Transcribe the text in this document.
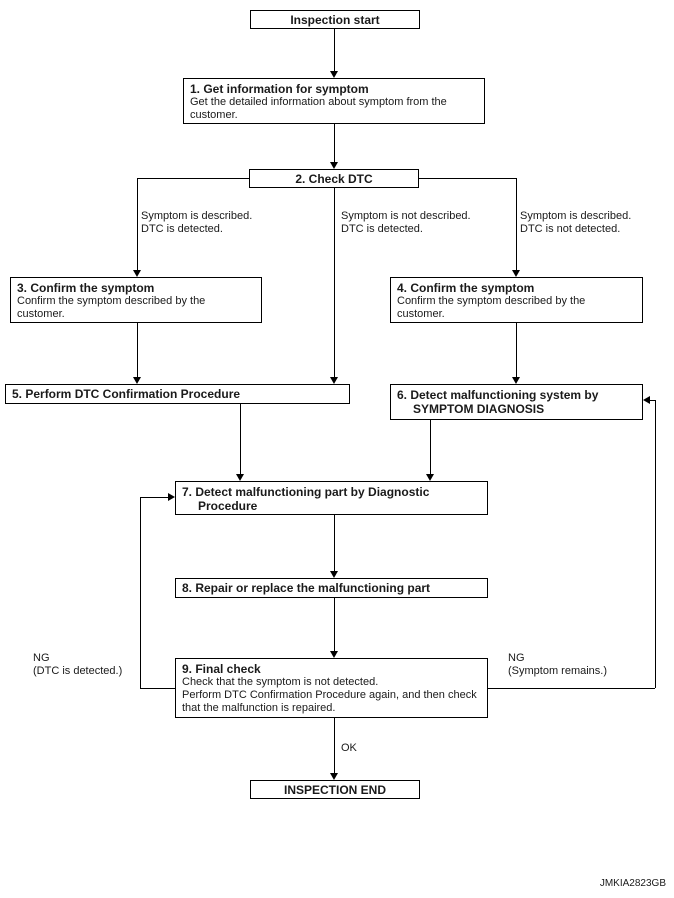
Inspection start
1. Get information for symptom
Get the detailed information about symptom from the customer.
2. Check DTC
Symptom is described.
DTC is detected.
Symptom is not described.
DTC is detected.
Symptom is described.
DTC is not detected.
3. Confirm the symptom
Confirm the symptom described by the customer.
4. Confirm the symptom
Confirm the symptom described by the customer.
5. Perform DTC Confirmation Procedure	6. Detect malfunctioning system by SYMPTOM DIAGNOSIS
7. Detect malfunctioning part by Diagnostic Procedure
8. Repair or replace the malfunctioning part
9. Final check
Check that the symptom is not detected.
Perform DTC Confirmation Procedure again, and then check that the malfunction is repaired.
NG
(DTC is detected.)
NG
(Symptom remains.)
OK
INSPECTION END
JMKIA2823GB
